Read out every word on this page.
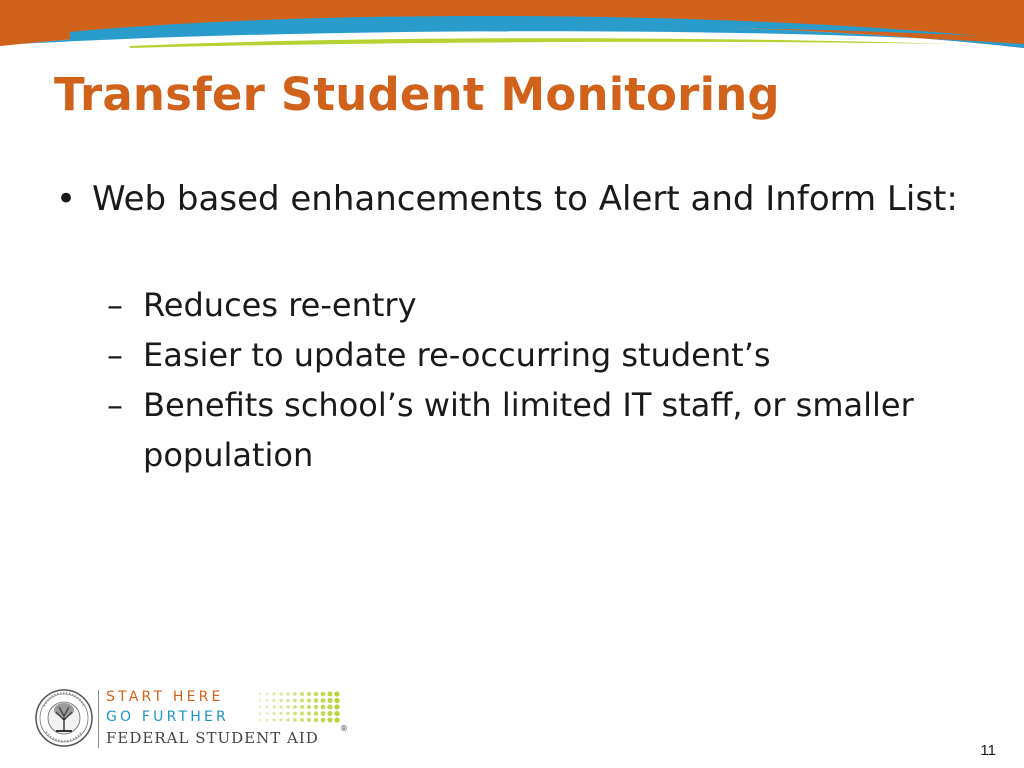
Transfer Student Monitoring
• Web based enhancements to Alert and Inform List:
– Reduces re-entry
– Easier to update re-occurring student’s
– Benefits school’s with limited IT staff, or smaller population
START HERE
GO FURTHER
FEDERAL STUDENT AID
®
11
